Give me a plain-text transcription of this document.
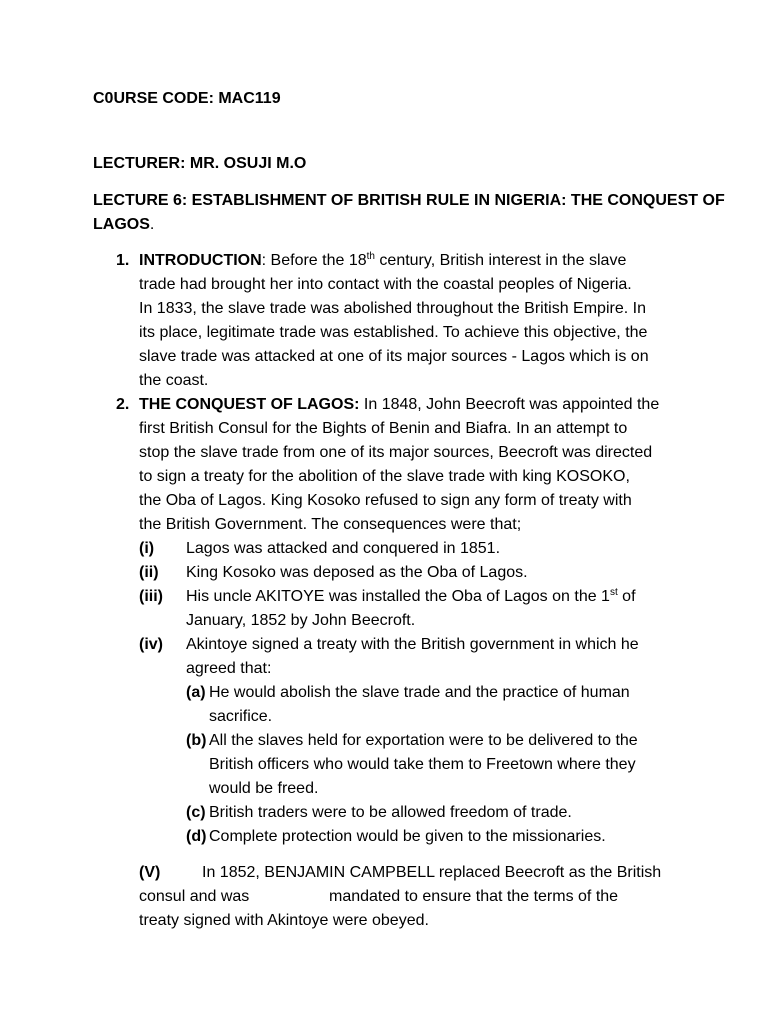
C0URSE CODE: MAC119
LECTURER: MR. OSUJI M.O
LECTURE 6: ESTABLISHMENT OF BRITISH RULE IN NIGERIA: THE CONQUEST OF
LAGOS.
1. INTRODUCTION: Before the 18th century, British interest in the slave
trade had brought her into contact with the coastal peoples of Nigeria.
In 1833, the slave trade was abolished throughout the British Empire. In
its place, legitimate trade was established. To achieve this objective, the
slave trade was attacked at one of its major sources - Lagos which is on
the coast.
2. THE CONQUEST OF LAGOS: In 1848, John Beecroft was appointed the
first British Consul for the Bights of Benin and Biafra. In an attempt to
stop the slave trade from one of its major sources, Beecroft was directed
to sign a treaty for the abolition of the slave trade with king KOSOKO,
the Oba of Lagos. King Kosoko refused to sign any form of treaty with
the British Government. The consequences were that;
(i) Lagos was attacked and conquered in 1851.
(ii) King Kosoko was deposed as the Oba of Lagos.
(iii) His uncle AKITOYE was installed the Oba of Lagos on the 1st of
January, 1852 by John Beecroft.
(iv) Akintoye signed a treaty with the British government in which he
agreed that:
(a) He would abolish the slave trade and the practice of human
sacrifice.
(b) All the slaves held for exportation were to be delivered to the
British officers who would take them to Freetown where they
would be freed.
(c) British traders were to be allowed freedom of trade.
(d) Complete protection would be given to the missionaries.
(V)	In 1852, BENJAMIN CAMPBELL replaced Beecroft as the British
consul and was	mandated to ensure that the terms of the
treaty signed with Akintoye were obeyed.
